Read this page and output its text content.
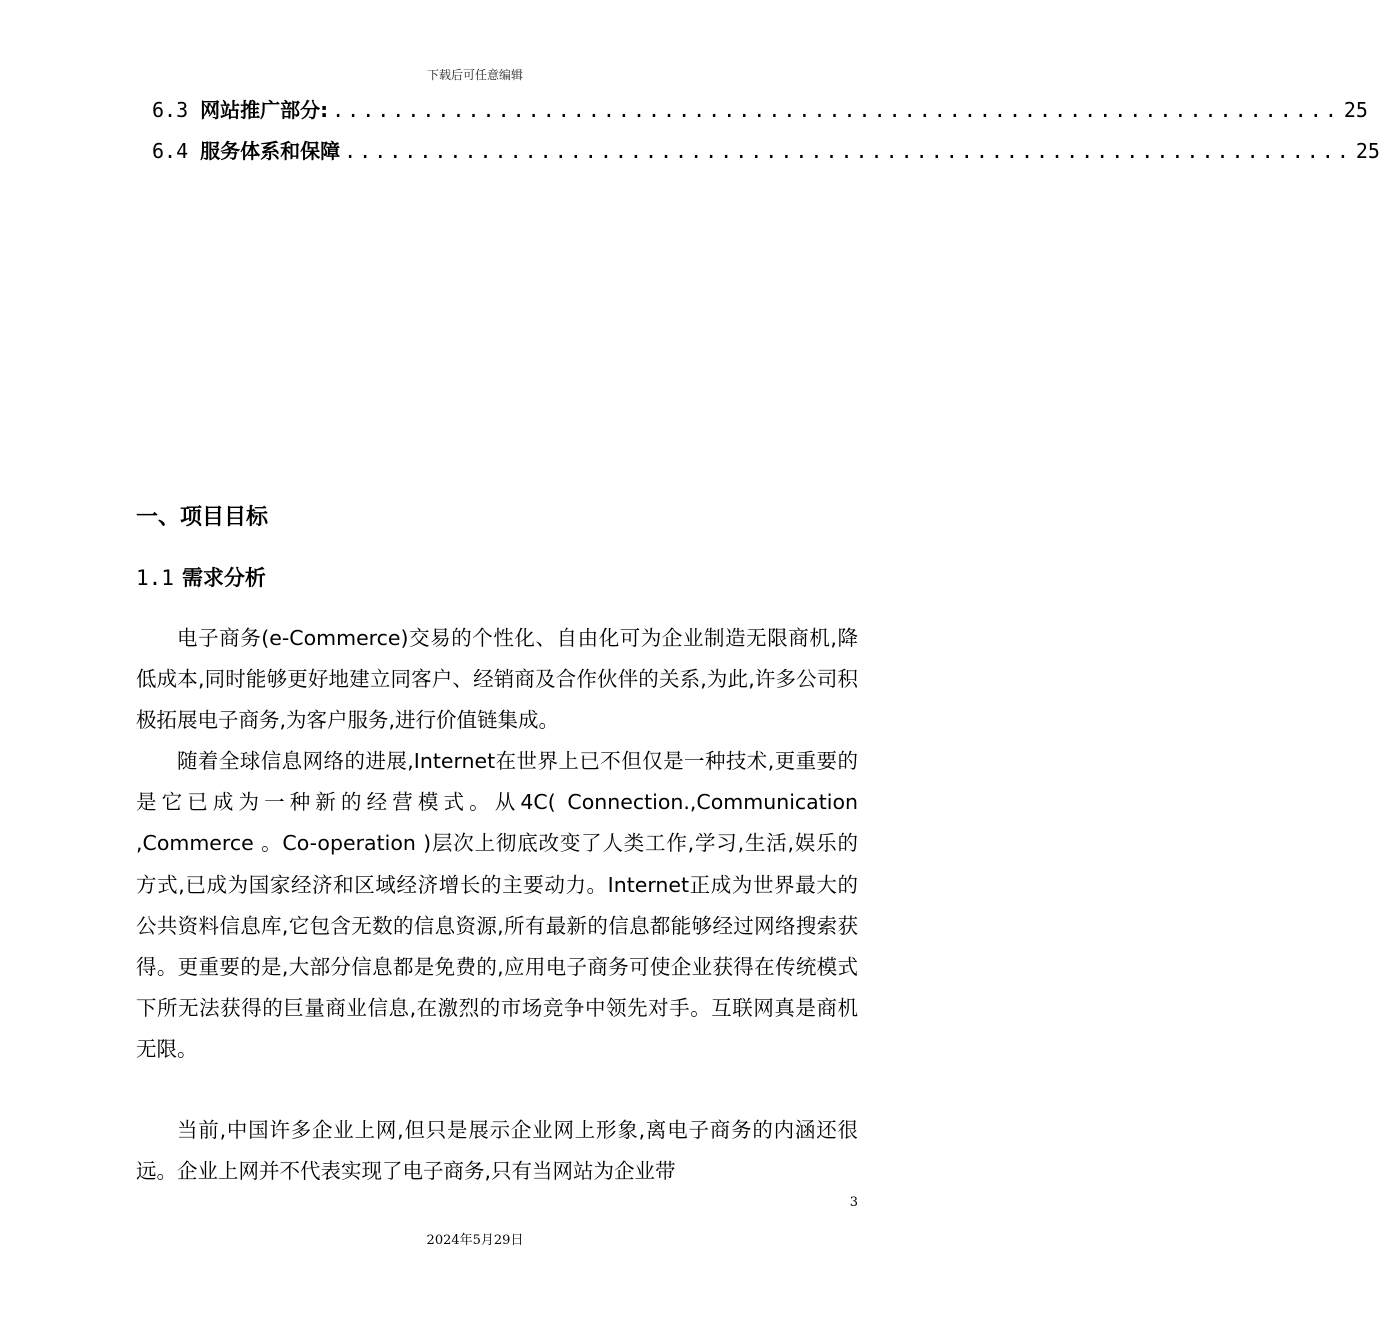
下载后可任意编辑
6.3 网站推广部分: ................................................................... 25
6.4 服务体系和保障 ................................................................... 25
一、项目目标
1.1 需求分析

电子商务(e-Commerce)交易的个性化、自由化可为企业制造无限商机,降低成本,同时能够更好地建立同客户、经销商及合作伙伴的关系,为此,许多公司积极拓展电子商务,为客户服务,进行价值链集成。

随着全球信息网络的进展,Internet在世界上已不但仅是一种技术,更重要的是它已成为一种新的经营模式。从4C( Connection.,Communication ,Commerce 。Co-operation )层次上彻底改变了人类工作,学习,生活,娱乐的方式,已成为国家经济和区域经济增长的主要动力。Internet正成为世界最大的公共资料信息库,它包含无数的信息资源,所有最新的信息都能够经过网络搜索获得。更重要的是,大部分信息都是免费的,应用电子商务可使企业获得在传统模式下所无法获得的巨量商业信息,在激烈的市场竞争中领先对手。互联网真是商机无限。

当前,中国许多企业上网,但只是展示企业网上形象,离电子商务的内涵还很远。企业上网并不代表实现了电子商务,只有当网站为企业带

3
2024年5月29日
